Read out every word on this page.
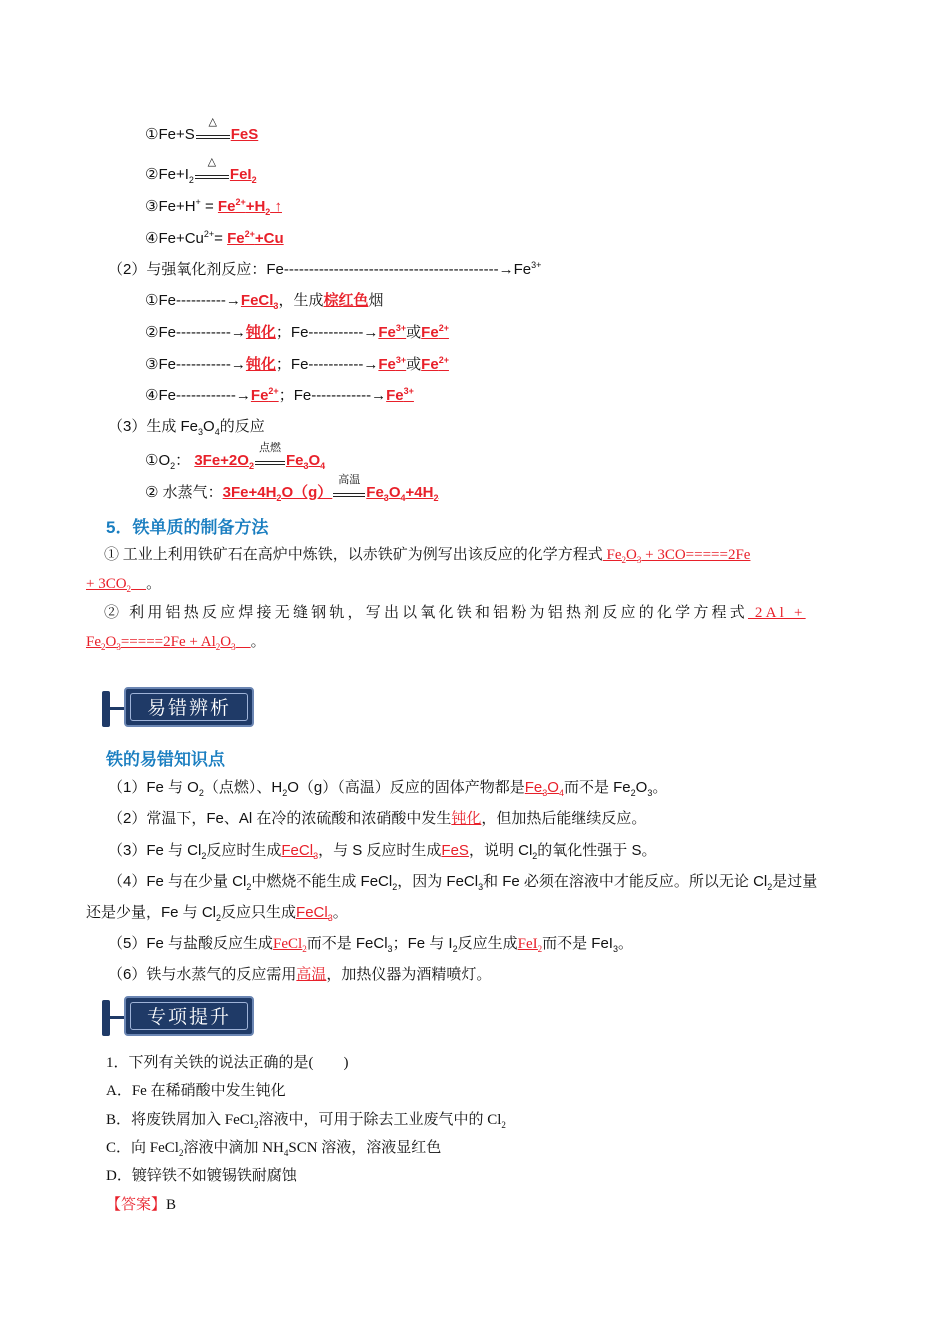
①Fe+S
△
FeS
$②Fe+I_2$
△
FeI$_2$
③Fe+H+ = $Fe^{2+}+H_2$ ↑
$④Fe+Cu^{2+}= Fe^{2+}+Cu$
（2）与强氧化剂反应：$Fe-------------------------------------------\to Fe^{3+}$
①Fe----------→FeCl$_3$，生成棕红色烟
②Fe-----------→钝化；$Fe-----------\to Fe^{3+}$或$Fe^{2+}$
③Fe-----------→钝化；$Fe-----------\to Fe^{3+}$或$Fe^{2+}$
④Fe-$-----------\to Fe^{2+}$；$Fe------------\to Fe^{3+}$
（3）生成 $Fe_3O_4$的反应
$①O_2$： $3Fe+2O_2$
点燃
$Fe_3O_4$
② 水蒸气：$3Fe+4H_2O(g)$
高温
$Fe_3O_4+4H_2$
5．铁单质的制备方法
① 工业上利用铁矿石在高炉中炼铁，以赤铁矿为例写出该反应的化学方程式 $Fe_2O_3 + 3CO=====2Fe$
+ $3CO_2$　 。
② 利用铝热反应焊接无缝钢轨，写出以氧化铁和铝粉为铝热剂反应的化学方程式 2Al +
$Fe_2O_3=====2Fe + Al_2O_3$　 。
易错辨析
铁的易错知识点
（1）Fe 与 $O_2$（点燃）、$H_2O(g)$（高温）反应的固体产物都是$Fe_3O_4$而不是 $Fe_2O_3$。
（2）常温下，Fe、Al 在冷的浓硫酸和浓硝酸中发生钝化，但加热后能继续反应。
（3）Fe 与 $Cl_2$反应时生成FeCl$_3$，与 S 反应时生成FeS，说明 $Cl_2$的氧化性强于 S。
（4）Fe 与在少量 $Cl_2$中燃烧不能生成 FeCl$_2$，因为 FeCl$_3$和 Fe 必须在溶液中才能反应。所以无论 $Cl_2$是过量
还是少量，Fe 与 $Cl_2$反应只生成FeCl$_3$。
（5）Fe 与盐酸反应生成FeCl$_2$而不是 FeCl$_3$；Fe 与 $I_2$反应生成FeI$_2$而不是 FeI$_3$。
（6）铁与水蒸气的反应需用高温，加热仪器为酒精喷灯。
专项提升
1．下列有关铁的说法正确的是(　　)
A．Fe 在稀硝酸中发生钝化
B．将废铁屑加入 FeCl$_2$溶液中，可用于除去工业废气中的 $Cl_2$
C．向 FeCl$_2$溶液中滴加 $NH_4SCN$ 溶液，溶液显红色
D．镀锌铁不如镀锡铁耐腐蚀
【答案】B
